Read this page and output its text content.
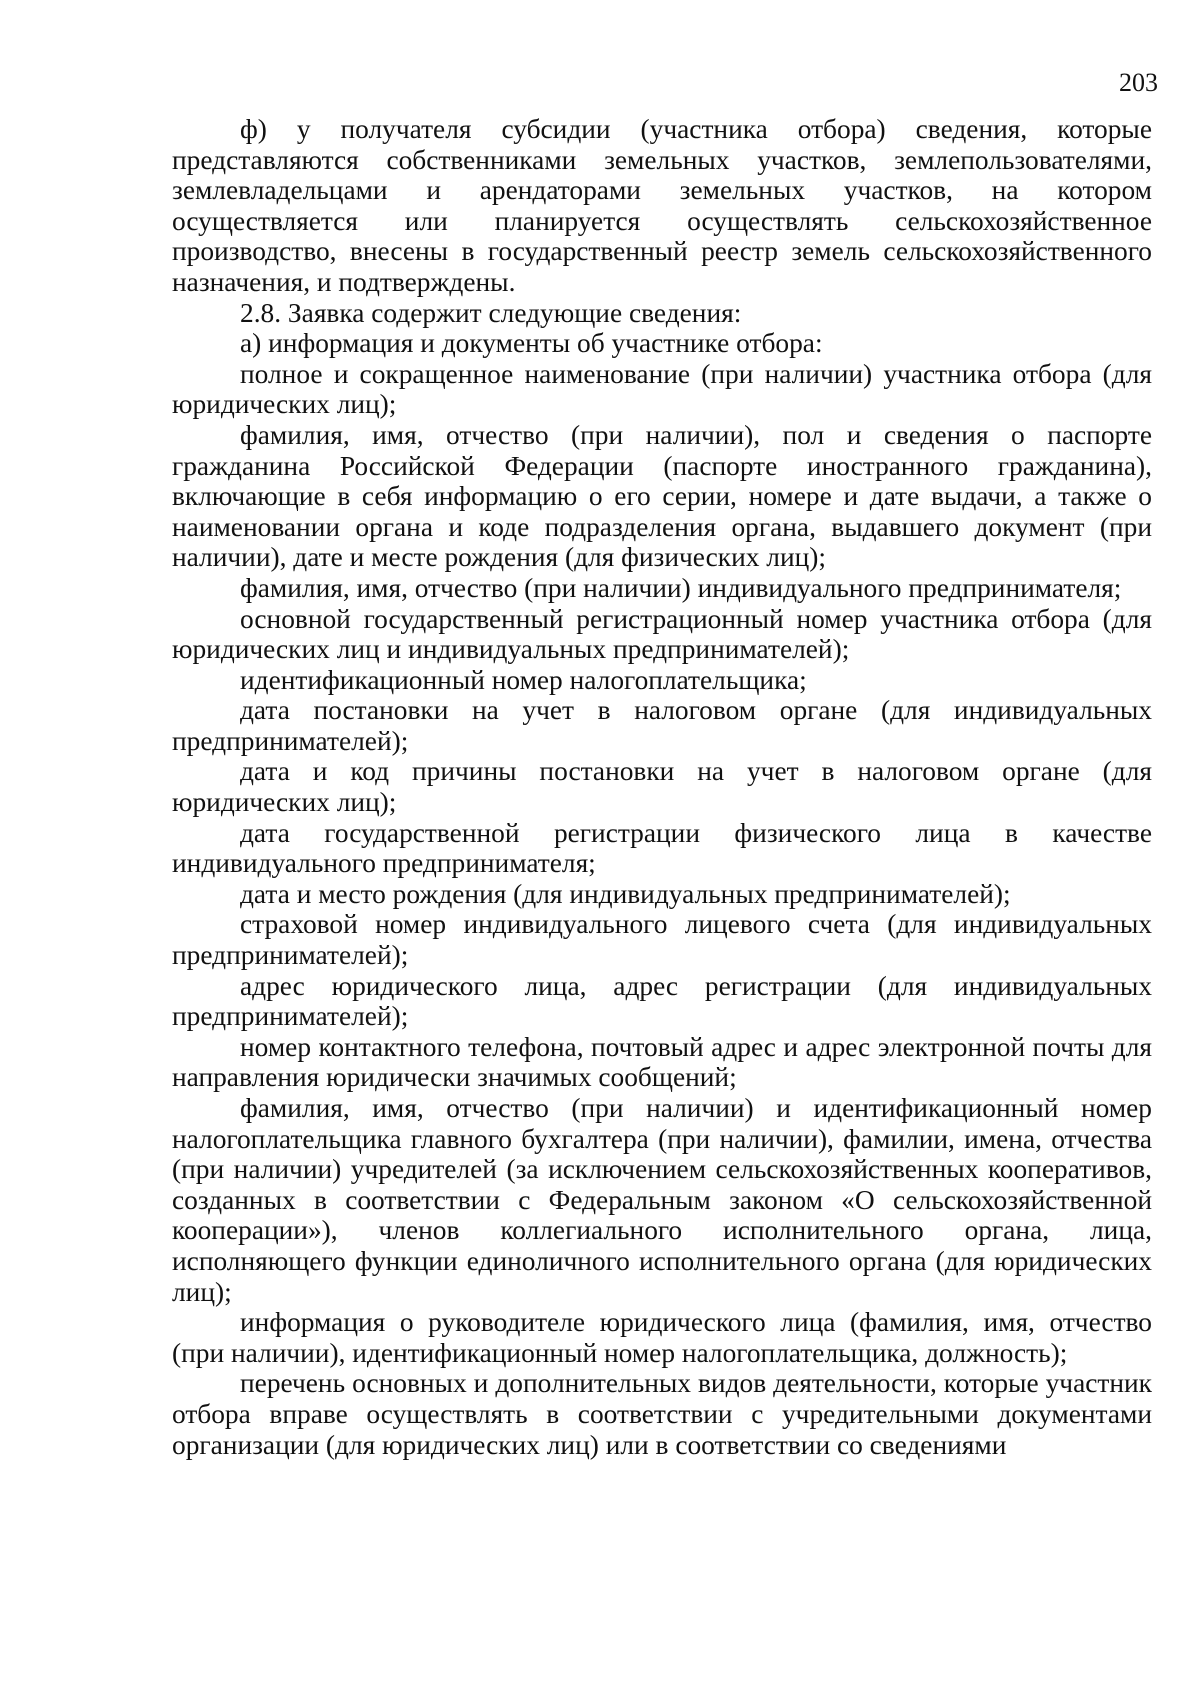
203

ф) у получателя субсидии (участника отбора) сведения, которые представляются собственниками земельных участков, землепользователями, землевладельцами и арендаторами земельных участков, на котором осуществляется или планируется осуществлять сельскохозяйственное производство, внесены в государственный реестр земель сельскохозяйственного назначения, и подтверждены.

2.8. Заявка содержит следующие сведения:

а) информация и документы об участнике отбора:

полное и сокращенное наименование (при наличии) участника отбора (для юридических лиц);

фамилия, имя, отчество (при наличии), пол и сведения о паспорте гражданина Российской Федерации (паспорте иностранного гражданина), включающие в себя информацию о его серии, номере и дате выдачи, а также о наименовании органа и коде подразделения органа, выдавшего документ (при наличии), дате и месте рождения (для физических лиц);

фамилия, имя, отчество (при наличии) индивидуального предпринимателя;

основной государственный регистрационный номер участника отбора (для юридических лиц и индивидуальных предпринимателей);

идентификационный номер налогоплательщика;

дата постановки на учет в налоговом органе (для индивидуальных предпринимателей);

дата и код причины постановки на учет в налоговом органе (для юридических лиц);

дата государственной регистрации физического лица в качестве индивидуального предпринимателя;

дата и место рождения (для индивидуальных предпринимателей);

страховой номер индивидуального лицевого счета (для индивидуальных предпринимателей);

адрес юридического лица, адрес регистрации (для индивидуальных предпринимателей);

номер контактного телефона, почтовый адрес и адрес электронной почты для направления юридически значимых сообщений;

фамилия, имя, отчество (при наличии) и идентификационный номер налогоплательщика главного бухгалтера (при наличии), фамилии, имена, отчества (при наличии) учредителей (за исключением сельскохозяйственных кооперативов, созданных в соответствии с Федеральным законом «О сельскохозяйственной кооперации»), членов коллегиального исполнительного органа, лица, исполняющего функции единоличного исполнительного органа (для юридических лиц);

информация о руководителе юридического лица (фамилия, имя, отчество (при наличии), идентификационный номер налогоплательщика, должность);

перечень основных и дополнительных видов деятельности, которые участник отбора вправе осуществлять в соответствии с учредительными документами организации (для юридических лиц) или в соответствии со сведениями
